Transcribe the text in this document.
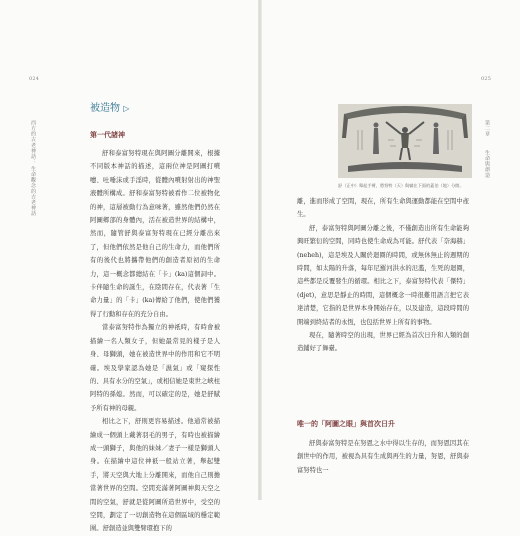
024
西方的古老神話：
生命觀念的古老神話
被造物 ▷
第一代諸神

舒和泰富努特現在與阿圖分離開來，根據不同版本神話的描述，這兩位神是阿圖打噴嚏、吐唾沫或手淫時，從體內噴射射出的神聖液體所構成。舒和泰富努特被看作二位被物化的神，這層被動行為意味著，雖然他們仍然在阿圖鄉部的身體內，活在被造世界的結構中，然而，隨管舒與泰富努特現在已經分離出來了，但他們依然是他自己的生命力，而他們所有的後代也將攜帶他們的創造者原初的生命力，這一概念都總結在「卡」(ka)這個詞中。卡伴隨生命的誕生，在陰間存在，代表著「生命力量」的「卡」(ka)傳給了他們，使他們獲得了行動和存在的充分自由。

當泰富努特作為獨立的神祇時，有時會被描繪一名人類女子，但她最常見的樣子是人身、母獅頭，她在被造世界中的作用和它不明確。埃及學家認為她是「濕氣」或「窺探性的、具有水分的空氣」，或相信她是東世之峽柱阿特的孫媳。然而，可以確定的是，她是舒賦予所有神的母親。

相比之下，舒則更容易描述。他通常被描繪成一個頭上戴著羽毛的男子，有時也被描繪成一頭獅子，與他的妹妹／妻子一樣是獅頭人身。在描繪中這位神祇一般站立著，舉起雙手，將天空與大地上分離開來，而他自己則擔當著世界的空間。空間充滿著阿圖神與天空之間的空氣，舒就是從阿圖所造世界中，受空的空間，劃定了一切創造物在這個區域的穩定範圍。舒創造並與雙臂環抱下的

025
第二章
生命與創造
舒（正中）舉起手臂，將努特（天）與躺在下面的蓋伯（地）分開。

離，進而形成了空間，現在，所有生命與運動都能在空間中產生。

舒，泰富努特與阿圖分離之後，不僅創造出所有生命能夠興旺繁衍的空間，同時也使生命成為可能。舒代表「奈海赫」(neheh)，這是埃及人關於迴圈的時間，或無休無止的週期的時間，如太陽的升落，每年尼羅河洪水的氾濫，生死的迴圈，這些都是反覆發生的循環。相比之下，泰富努特代表「傑特」(djet)，意思是靜止的時間，這個概念一時很難用語言把它表達清楚，它指的是世界本身開始存在，以及建造，這段時間的開端到終結者的永恆，也包括世界上所有的事物。

現在，隨著時空的出現，世界已經為首次日升和人類的創造鋪好了舞臺。

唯一的「阿圖之眼」與首次日升

舒與泰富努特是在努恩之水中得以生存的，而努恩因其在創世中的作用，被視為具有生成與再生的力量，努恩，舒與泰富努特也一
